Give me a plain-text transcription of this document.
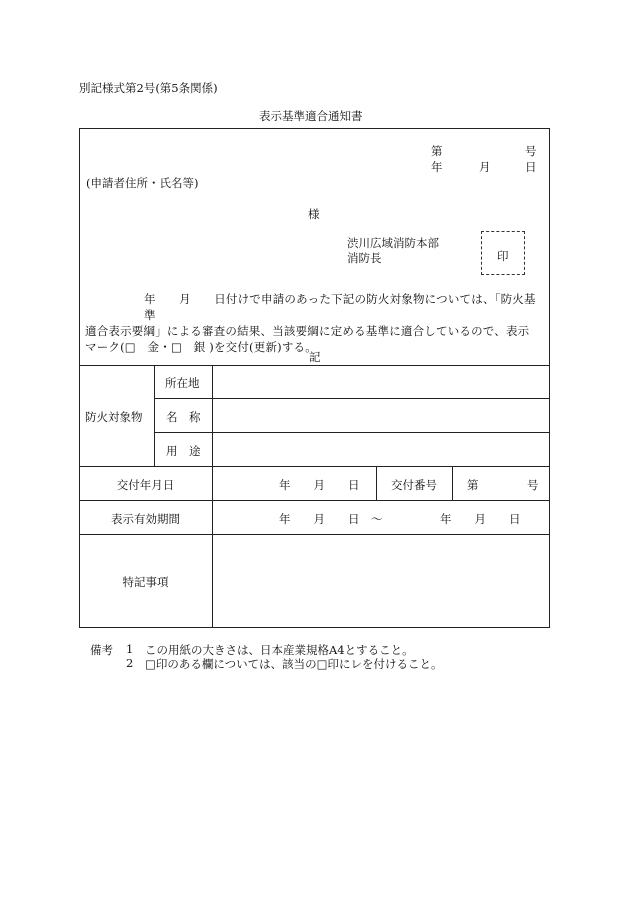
別記様式第2号(第5条関係)
表示基準適合通知書
第	号
年	月	日
(申請者住所・氏名等)
様
渋川広域消防本部
消防長	印
年　　月　　日付けで申請のあった下記の防火対象物については、「防火基準
適合表示要綱」による審査の結果、当該要綱に定める基準に適合しているので、表示
マーク(□　金・□　銀 )を交付(更新)する。
記
防火対象物
所在地
名　称
用　途
交付年月日	年　　月　　日	交付番号	第	号
表示有効期間	年　　月　　日 ～	年　　月　　日
特記事項
備考 1 この用紙の大きさは、日本産業規格A4とすること。
2 □印のある欄については、該当の□印にレを付けること。
